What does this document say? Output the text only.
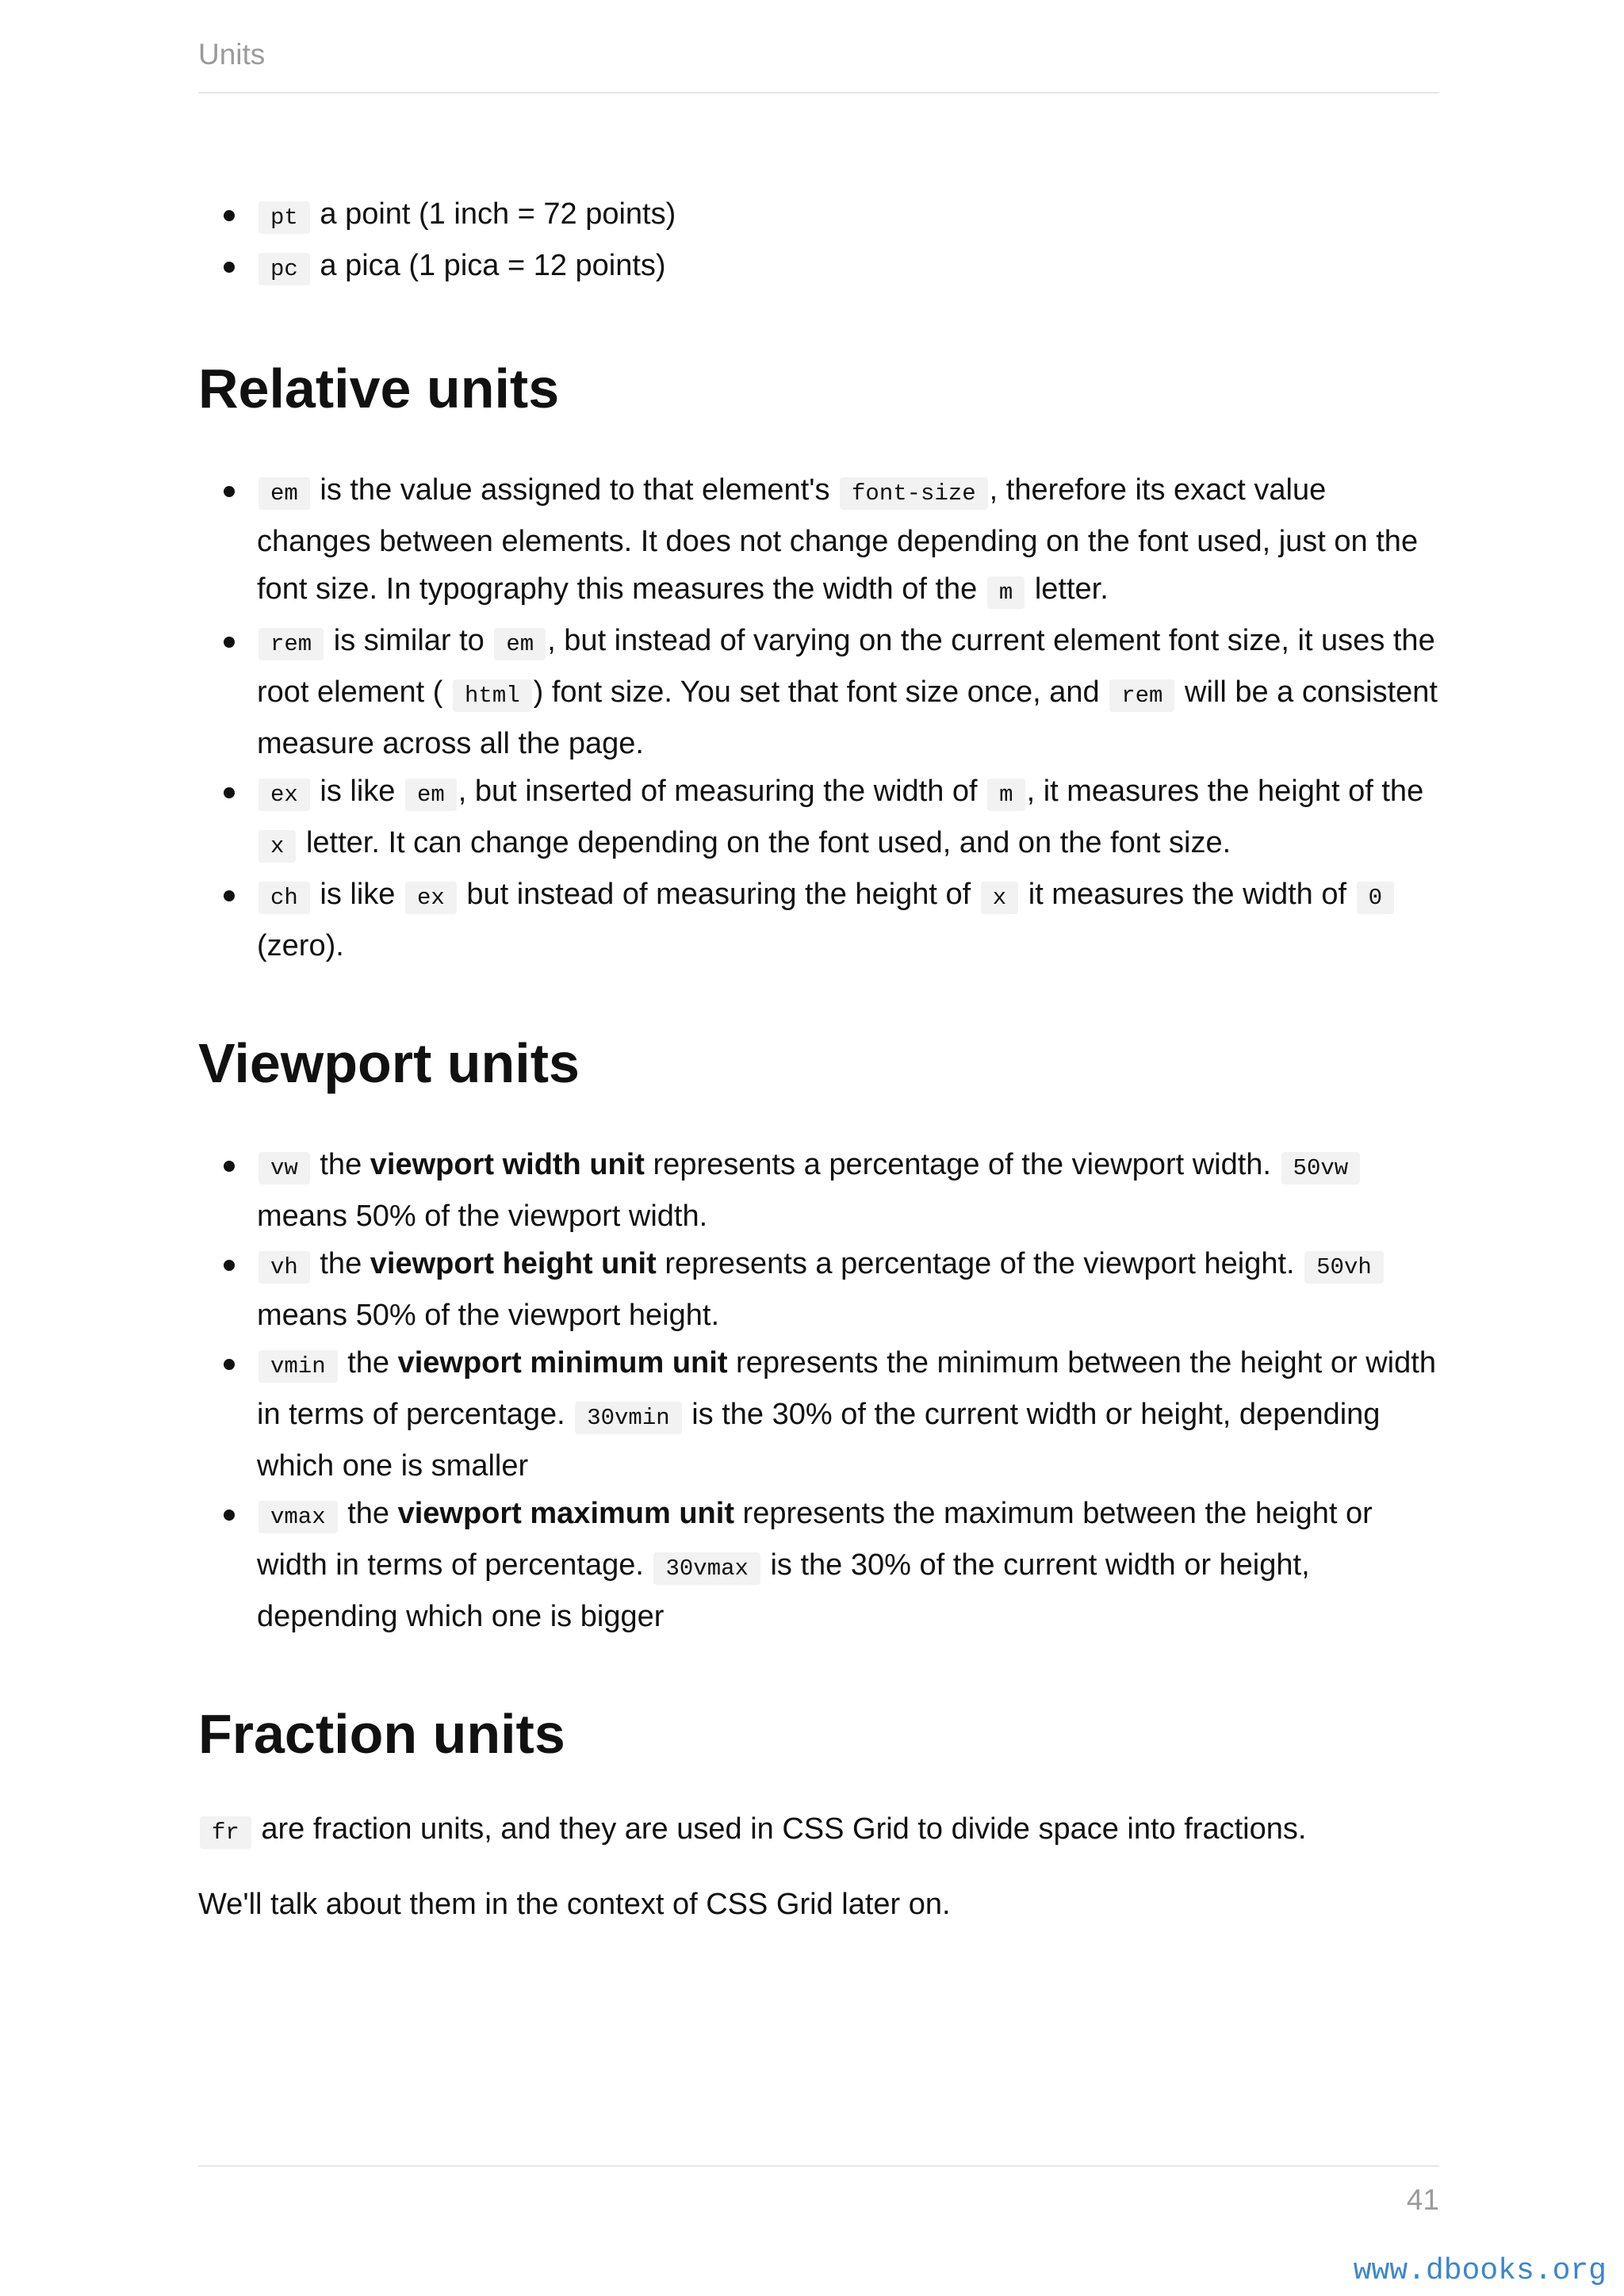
Units
pt a point (1 inch = 72 points)
pc a pica (1 pica = 12 points)
Relative units
em is the value assigned to that element's font-size , therefore its exact value changes between elements. It does not change depending on the font used, just on the font size. In typography this measures the width of the m letter.
rem is similar to em , but instead of varying on the current element font size, it uses the root element ( html ) font size. You set that font size once, and rem will be a consistent measure across all the page.
ex is like em , but inserted of measuring the width of m , it measures the height of the x letter. It can change depending on the font used, and on the font size.
ch is like ex but instead of measuring the height of x it measures the width of 0 (zero).
Viewport units
vw the viewport width unit represents a percentage of the viewport width. 50vw means 50% of the viewport width.
vh the viewport height unit represents a percentage of the viewport height. 50vh means 50% of the viewport height.
vmin the viewport minimum unit represents the minimum between the height or width in terms of percentage. 30vmin is the 30% of the current width or height, depending which one is smaller
vmax the viewport maximum unit represents the maximum between the height or width in terms of percentage. 30vmax is the 30% of the current width or height, depending which one is bigger
Fraction units

fr are fraction units, and they are used in CSS Grid to divide space into fractions.

We'll talk about them in the context of CSS Grid later on.

41
www.dbooks.org
